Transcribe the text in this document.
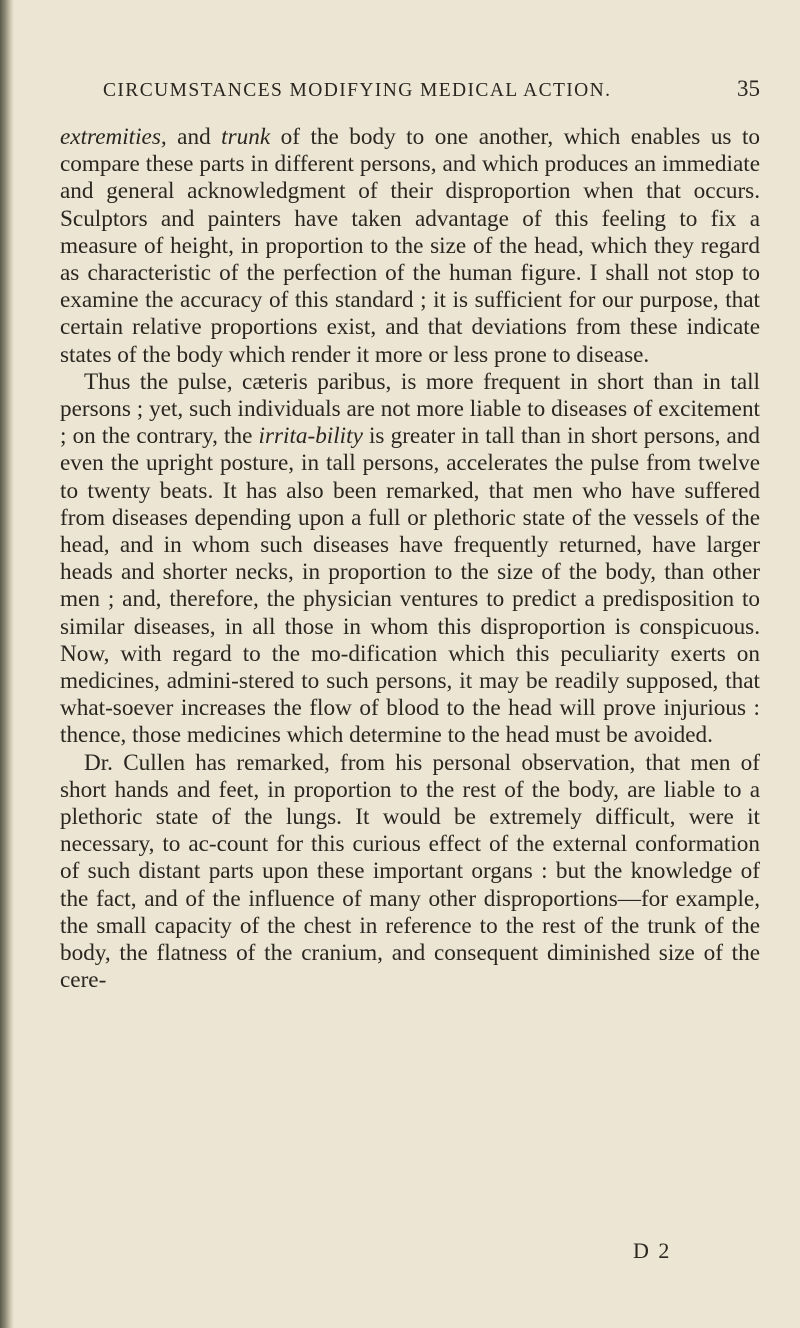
CIRCUMSTANCES MODIFYING MEDICAL ACTION.	35

extremities, and trunk of the body to one another, which enables us to compare these parts in different persons, and which produces an immediate and general acknowledgment of their disproportion when that occurs. Sculptors and painters have taken advantage of this feeling to fix a measure of height, in proportion to the size of the head, which they regard as characteristic of the perfection of the human figure. I shall not stop to examine the accuracy of this standard ; it is sufficient for our purpose, that certain relative proportions exist, and that deviations from these indicate states of the body which render it more or less prone to disease.

Thus the pulse, cæteris paribus, is more frequent in short than in tall persons ; yet, such individuals are not more liable to diseases of excitement ; on the contrary, the irrita-bility is greater in tall than in short persons, and even the upright posture, in tall persons, accelerates the pulse from twelve to twenty beats. It has also been remarked, that men who have suffered from diseases depending upon a full or plethoric state of the vessels of the head, and in whom such diseases have frequently returned, have larger heads and shorter necks, in proportion to the size of the body, than other men ; and, therefore, the physician ventures to predict a predisposition to similar diseases, in all those in whom this disproportion is conspicuous. Now, with regard to the mo-dification which this peculiarity exerts on medicines, admini-stered to such persons, it may be readily supposed, that what-soever increases the flow of blood to the head will prove injurious : thence, those medicines which determine to the head must be avoided.

Dr. Cullen has remarked, from his personal observation, that men of short hands and feet, in proportion to the rest of the body, are liable to a plethoric state of the lungs. It would be extremely difficult, were it necessary, to ac-count for this curious effect of the external conformation of such distant parts upon these important organs : but the knowledge of the fact, and of the influence of many other disproportions—for example, the small capacity of the chest in reference to the rest of the trunk of the body, the flatness of the cranium, and consequent diminished size of the cere-

D 2
